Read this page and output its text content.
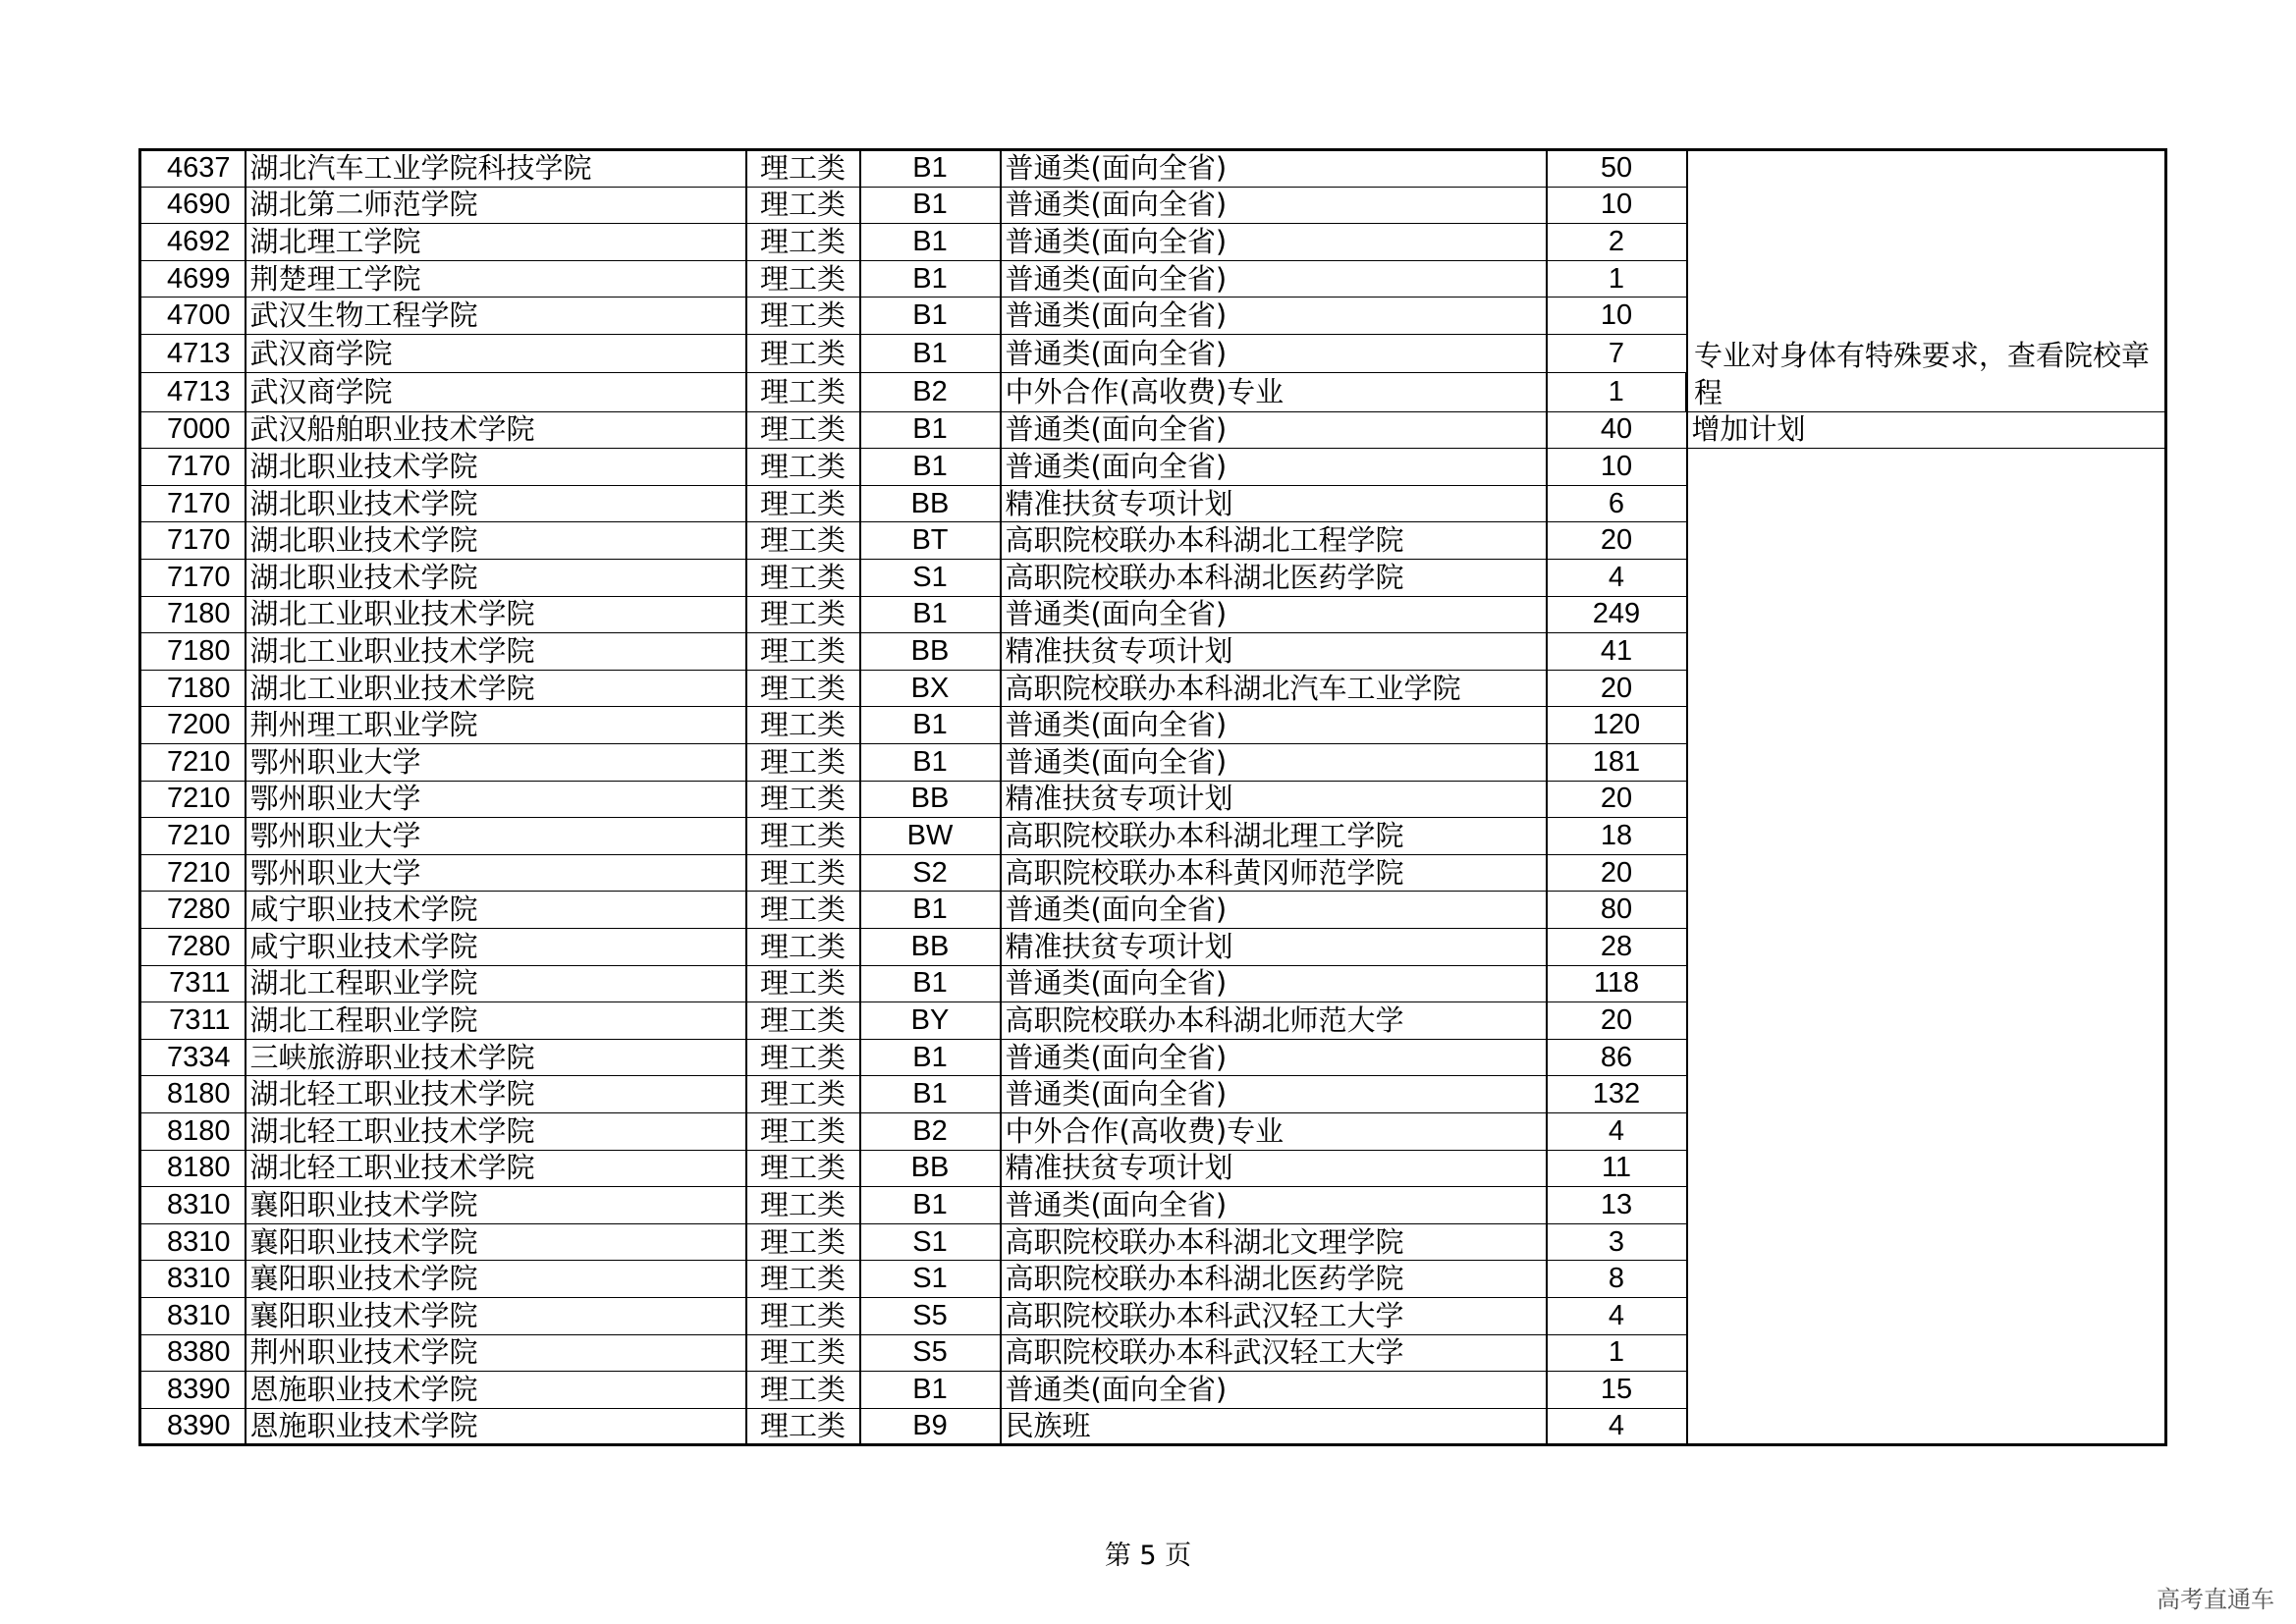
4637	湖北汽车工业学院科技学院	理工类	B1	普通类(面向全省)	50	
4690	湖北第二师范学院	理工类	B1	普通类(面向全省)	10	
4692	湖北理工学院	理工类	B1	普通类(面向全省)	2	
4699	荆楚理工学院	理工类	B1	普通类(面向全省)	1	
4700	武汉生物工程学院	理工类	B1	普通类(面向全省)	10	
4713	武汉商学院	理工类	B1	普通类(面向全省)	7	专业对身体有特殊要求，查看院校章程
4713	武汉商学院	理工类	B2	中外合作(高收费)专业	1	
7000	武汉船舶职业技术学院	理工类	B1	普通类(面向全省)	40	增加计划
7170	湖北职业技术学院	理工类	B1	普通类(面向全省)	10	
7170	湖北职业技术学院	理工类	BB	精准扶贫专项计划	6	
7170	湖北职业技术学院	理工类	BT	高职院校联办本科湖北工程学院	20	
7170	湖北职业技术学院	理工类	S1	高职院校联办本科湖北医药学院	4	
7180	湖北工业职业技术学院	理工类	B1	普通类(面向全省)	249	
7180	湖北工业职业技术学院	理工类	BB	精准扶贫专项计划	41	
7180	湖北工业职业技术学院	理工类	BX	高职院校联办本科湖北汽车工业学院	20	
7200	荆州理工职业学院	理工类	B1	普通类(面向全省)	120	
7210	鄂州职业大学	理工类	B1	普通类(面向全省)	181	
7210	鄂州职业大学	理工类	BB	精准扶贫专项计划	20	
7210	鄂州职业大学	理工类	BW	高职院校联办本科湖北理工学院	18	
7210	鄂州职业大学	理工类	S2	高职院校联办本科黄冈师范学院	20	
7280	咸宁职业技术学院	理工类	B1	普通类(面向全省)	80	
7280	咸宁职业技术学院	理工类	BB	精准扶贫专项计划	28	
7311	湖北工程职业学院	理工类	B1	普通类(面向全省)	118	
7311	湖北工程职业学院	理工类	BY	高职院校联办本科湖北师范大学	20	
7334	三峡旅游职业技术学院	理工类	B1	普通类(面向全省)	86	
8180	湖北轻工职业技术学院	理工类	B1	普通类(面向全省)	132	
8180	湖北轻工职业技术学院	理工类	B2	中外合作(高收费)专业	4	
8180	湖北轻工职业技术学院	理工类	BB	精准扶贫专项计划	11	
8310	襄阳职业技术学院	理工类	B1	普通类(面向全省)	13	
8310	襄阳职业技术学院	理工类	S1	高职院校联办本科湖北文理学院	3	
8310	襄阳职业技术学院	理工类	S1	高职院校联办本科湖北医药学院	8	
8310	襄阳职业技术学院	理工类	S5	高职院校联办本科武汉轻工大学	4	
8380	荆州职业技术学院	理工类	S5	高职院校联办本科武汉轻工大学	1	
8390	恩施职业技术学院	理工类	B1	普通类(面向全省)	15	
8390	恩施职业技术学院	理工类	B9	民族班	4	
第 5 页
高考直通车
